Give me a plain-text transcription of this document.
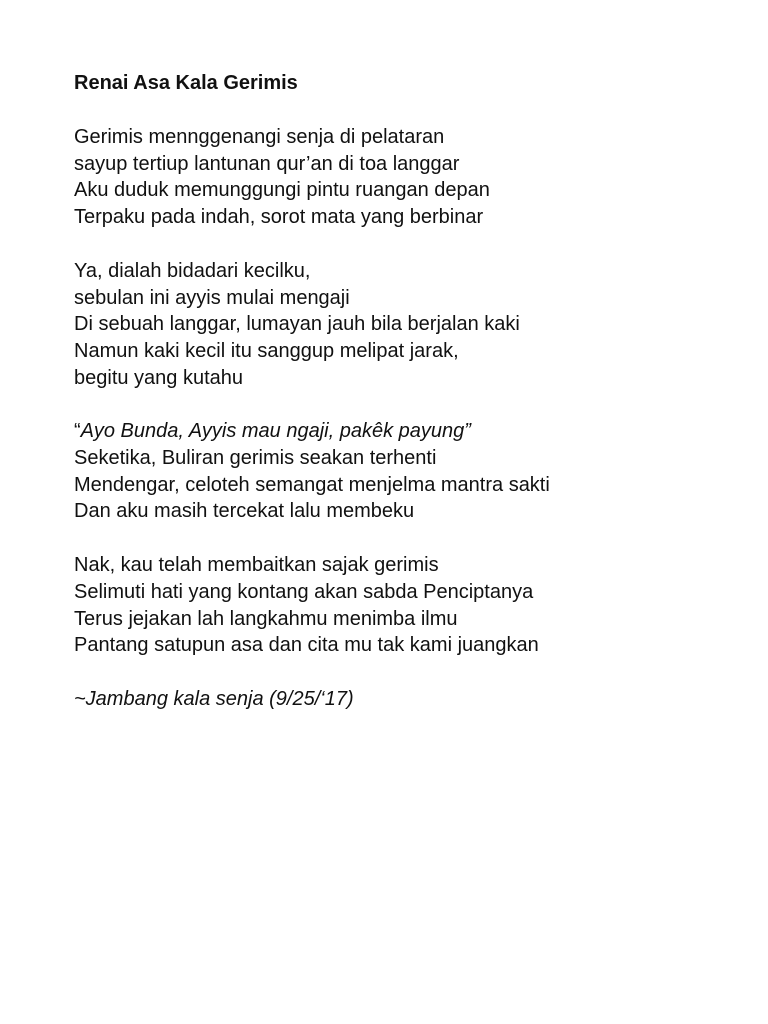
Renai Asa Kala Gerimis
Gerimis mennggenangi senja di pelataran
sayup tertiup lantunan qur’an di toa langgar
Aku duduk memunggungi pintu ruangan depan
Terpaku pada indah, sorot mata yang berbinar
Ya, dialah bidadari kecilku,
sebulan ini ayyis mulai mengaji
Di sebuah langgar, lumayan jauh bila berjalan kaki
Namun kaki kecil itu sanggup melipat jarak,
begitu yang kutahu
“Ayo Bunda, Ayyis mau ngaji, pakêk payung”
Seketika, Buliran gerimis seakan terhenti
Mendengar, celoteh semangat menjelma mantra sakti
Dan aku masih tercekat lalu membeku
Nak, kau telah membaitkan sajak gerimis
Selimuti hati yang kontang akan sabda Penciptanya
Terus jejakan lah langkahmu menimba ilmu
Pantang satupun asa dan cita mu tak kami juangkan
~Jambang kala senja (9/25/‘17)
